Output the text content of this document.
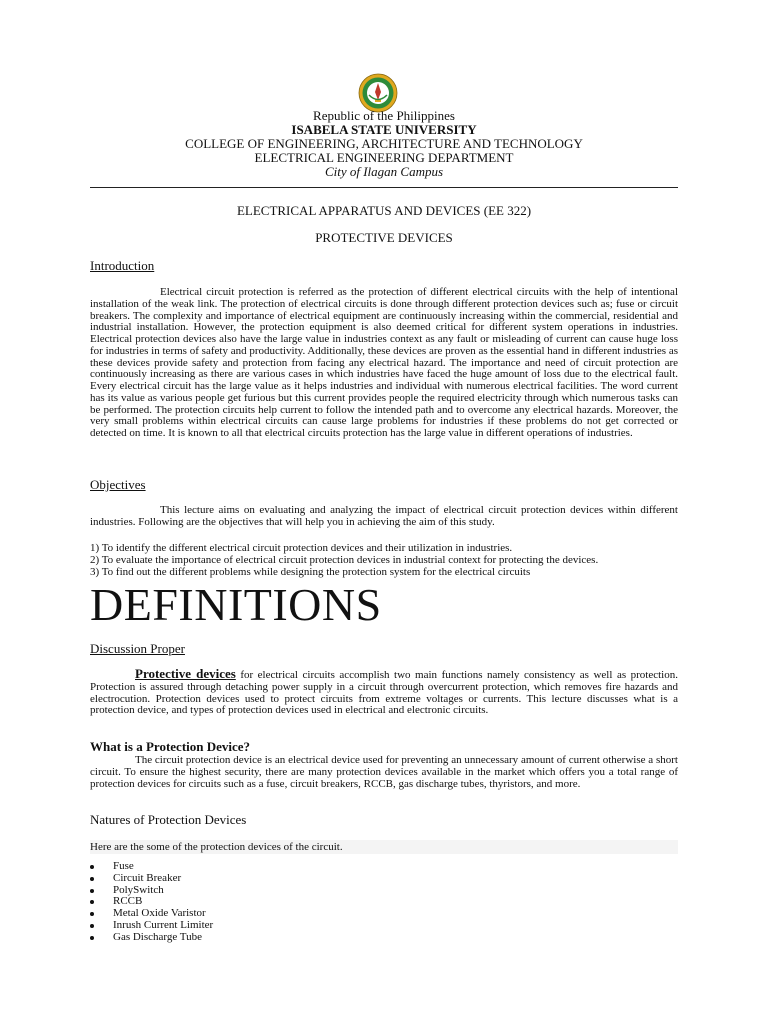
Republic of the Philippines
ISABELA STATE UNIVERSITY
COLLEGE OF ENGINEERING, ARCHITECTURE AND TECHNOLOGY
ELECTRICAL ENGINEERING DEPARTMENT
City of Ilagan Campus
ELECTRICAL APPARATUS AND DEVICES (EE 322)
PROTECTIVE DEVICES
Introduction

Electrical circuit protection is referred as the protection of different electrical circuits with the help of intentional installation of the weak link. The protection of electrical circuits is done through different protection devices such as; fuse or circuit breakers. The complexity and importance of electrical equipment are continuously increasing within the commercial, residential and industrial installation. However, the protection equipment is also deemed critical for different system operations in industries. Electrical protection devices also have the large value in industries context as any fault or misleading of current can cause huge loss for industries in terms of safety and productivity. Additionally, these devices are proven as the essential hand in different industries as these devices provide safety and protection from facing any electrical hazard. The importance and need of circuit protection are continuously increasing as there are various cases in which industries have faced the huge amount of loss due to the electrical fault. Every electrical circuit has the large value as it helps industries and individual with numerous electrical facilities. The word current has its value as various people get furious but this current provides people the required electricity through which numerous tasks can be performed. The protection circuits help current to follow the intended path and to overcome any electrical hazards. Moreover, the very small problems within electrical circuits can cause large problems for industries if these problems do not get corrected or detected on time. It is known to all that electrical circuits protection has the large value in different operations of industries.

Objectives

This lecture aims on evaluating and analyzing the impact of electrical circuit protection devices within different industries. Following are the objectives that will help you in achieving the aim of this study.

1) To identify the different electrical circuit protection devices and their utilization in industries.
2) To evaluate the importance of electrical circuit protection devices in industrial context for protecting the devices.
3) To find out the different problems while designing the protection system for the electrical circuits
DEFINITIONS
Discussion Proper

Protective devices for electrical circuits accomplish two main functions namely consistency as well as protection. Protection is assured through detaching power supply in a circuit through overcurrent protection, which removes fire hazards and electrocution. Protection devices used to protect circuits from extreme voltages or currents. This lecture discusses what is a protection device, and types of protection devices used in electrical and electronic circuits.

What is a Protection Device?

The circuit protection device is an electrical device used for preventing an unnecessary amount of current otherwise a short circuit. To ensure the highest security, there are many protection devices available in the market which offers you a total range of protection devices for circuits such as a fuse, circuit breakers, RCCB, gas discharge tubes, thyristors, and more.

Natures of Protection Devices
Here are the some of the protection devices of the circuit.
Fuse
Circuit Breaker
PolySwitch
RCCB
Metal Oxide Varistor
Inrush Current Limiter
Gas Discharge Tube
